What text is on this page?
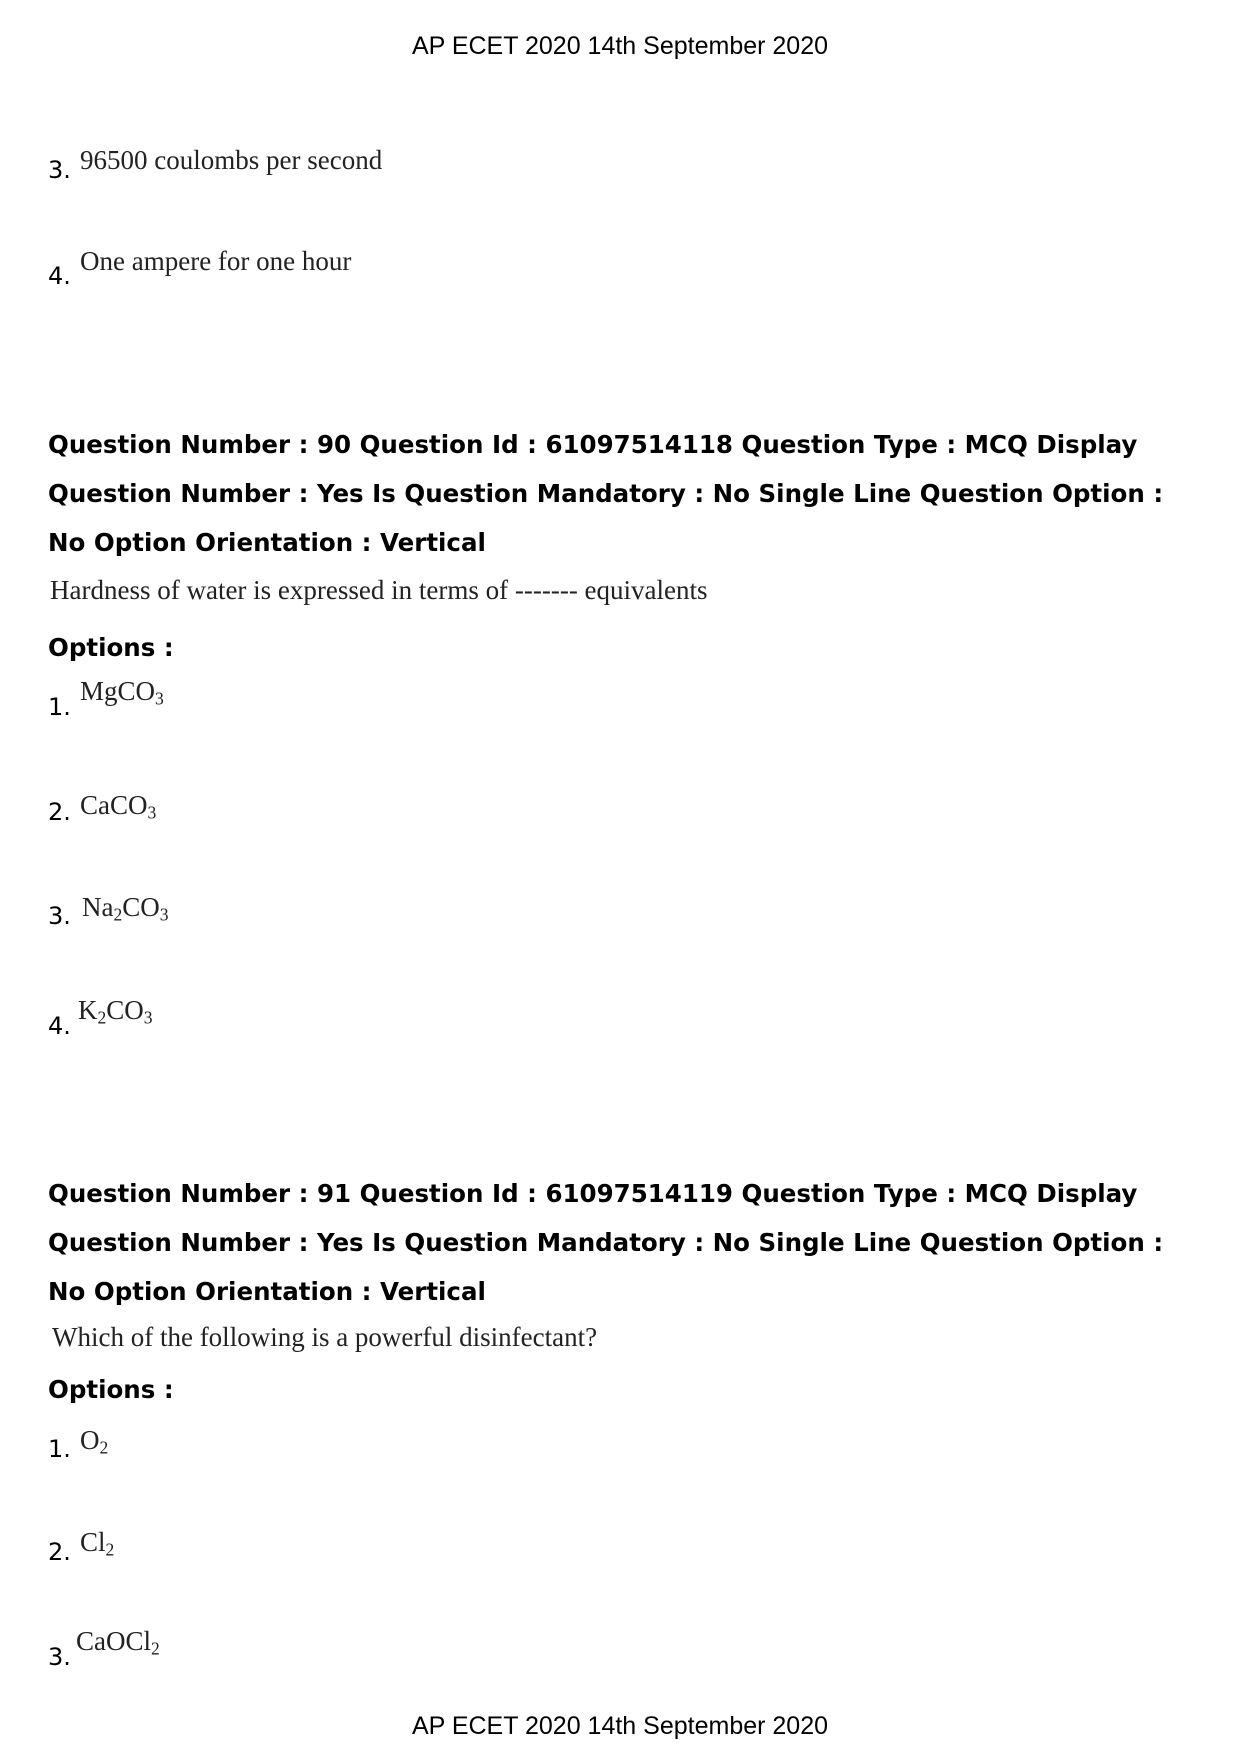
AP ECET 2020 14th September 2020
3. 96500 coulombs per second
4. One ampere for one hour
Question Number : 90 Question Id : 61097514118 Question Type : MCQ Display Question Number : Yes Is Question Mandatory : No Single Line Question Option : No Option Orientation : Vertical
Hardness of water is expressed in terms of ------- equivalents
Options :
1.
MgCO$_3$
2. CaCO$_3$
3. $Na_2CO_3$
4.
$K_2CO_3$
Question Number : 91 Question Id : 61097514119 Question Type : MCQ Display Question Number : Yes Is Question Mandatory : No Single Line Question Option : No Option Orientation : Vertical
Which of the following is a powerful disinfectant?
Options :
1. $O_2$
2. $Cl_2$
3.
CaOCl$_2$
AP ECET 2020 14th September 2020
